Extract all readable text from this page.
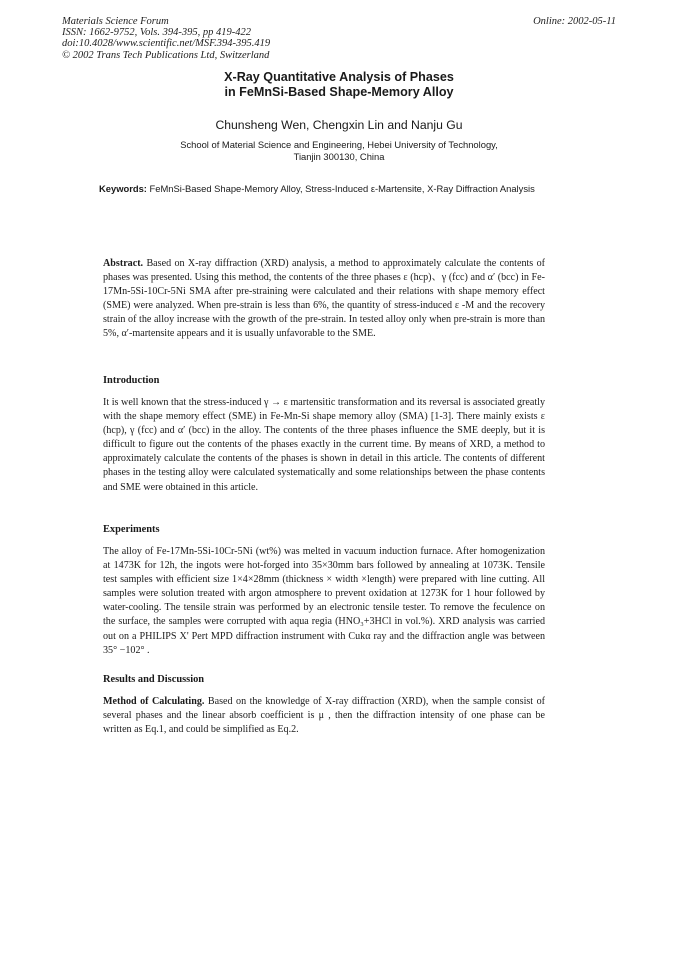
Materials Science Forum
ISSN: 1662-9752, Vols. 394-395, pp 419-422
doi:10.4028/www.scientific.net/MSF.394-395.419
© 2002 Trans Tech Publications Ltd, Switzerland
Online: 2002-05-11
X-Ray Quantitative Analysis of Phases
in FeMnSi-Based Shape-Memory Alloy
Chunsheng Wen, Chengxin Lin and Nanju Gu
School of Material Science and Engineering, Hebei University of Technology,
Tianjin 300130, China
Keywords: FeMnSi-Based Shape-Memory Alloy, Stress-Induced ε-Martensite, X-Ray Diffraction Analysis
Abstract. Based on X-ray diffraction (XRD) analysis, a method to approximately calculate the contents of phases was presented. Using this method, the contents of the three phases ε (hcp)、γ (fcc) and α′ (bcc) in Fe-17Mn-5Si-10Cr-5Ni SMA after pre-straining were calculated and their relations with shape memory effect (SME) were analyzed. When pre-strain is less than 6%, the quantity of stress-induced ε -M and the recovery strain of the alloy increase with the growth of the pre-strain. In tested alloy only when pre-strain is more than 5%, α′-martensite appears and it is usually unfavorable to the SME.
Introduction
It is well known that the stress-induced γ → ε martensitic transformation and its reversal is associated greatly with the shape memory effect (SME) in Fe-Mn-Si shape memory alloy (SMA) [1-3]. There mainly exists ε (hcp), γ (fcc) and α′ (bcc) in the alloy. The contents of the three phases influence the SME deeply, but it is difficult to figure out the contents of the phases exactly in the current time. By means of XRD, a method to approximately calculate the contents of the phases is shown in detail in this article. The contents of different phases in the testing alloy were calculated systematically and some relationships between the phase contents and SME were obtained in this article.
Experiments
The alloy of Fe-17Mn-5Si-10Cr-5Ni (wt%) was melted in vacuum induction furnace. After homogenization at 1473K for 12h, the ingots were hot-forged into 35×30mm bars followed by annealing at 1073K. Tensile test samples with efficient size 1×4×28mm (thickness × width ×length) were prepared with line cutting. All samples were solution treated with argon atmosphere to prevent oxidation at 1273K for 1 hour followed by water-cooling. The tensile strain was performed by an electronic tensile tester. To remove the feculence on the surface, the samples were corrupted with aqua regia (HNO₃+3HCl in vol.%). XRD analysis was carried out on a PHILIPS X' Pert MPD diffraction instrument with Cukα ray and the diffraction angle was between 35° −102° .
Results and Discussion
Method of Calculating. Based on the knowledge of X-ray diffraction (XRD), when the sample consist of several phases and the linear absorb coefficient is μ , then the diffraction intensity of one phase can be written as Eq.1, and could be simplified as Eq.2.
